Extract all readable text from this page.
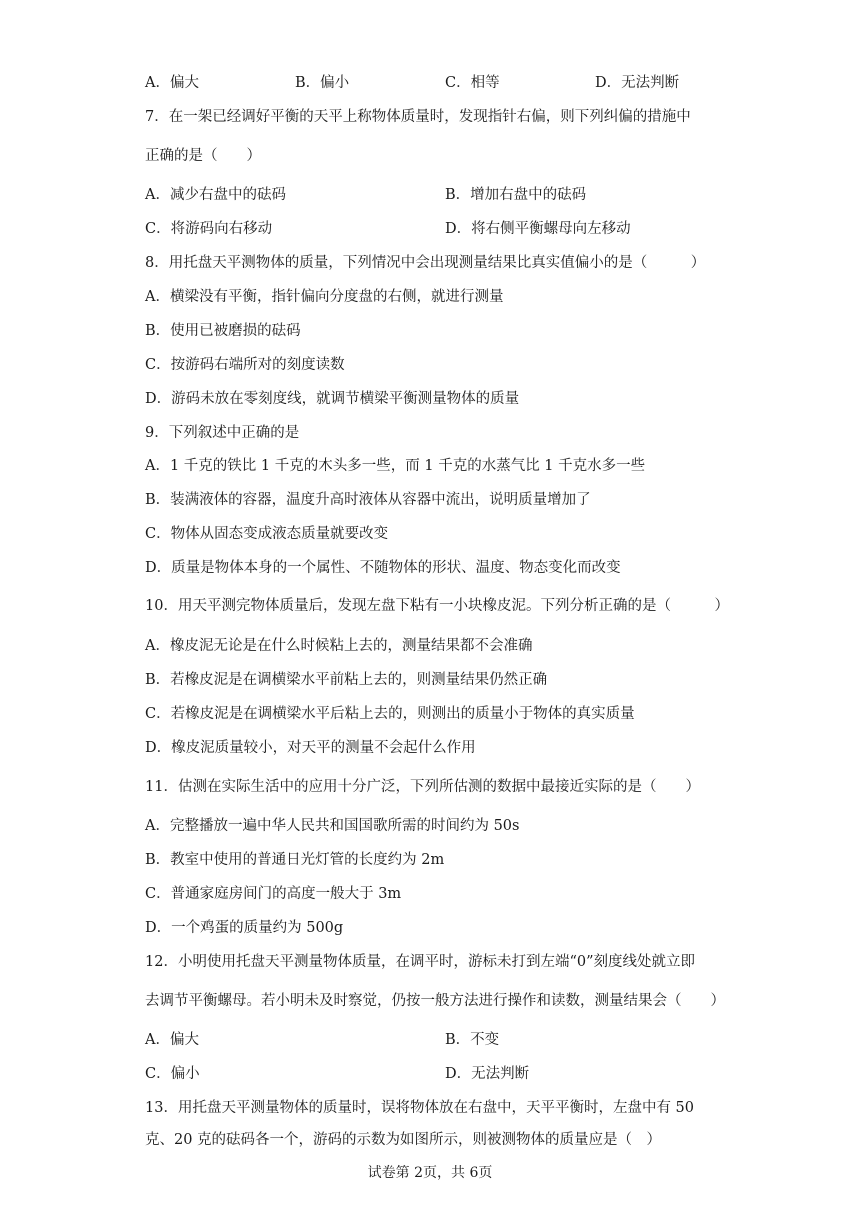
A．偏大	B．偏小	C．相等	D．无法判断
7．在一架已经调好平衡的天平上称物体质量时，发现指针右偏，则下列纠偏的措施中
正确的是（　　）
A．减少右盘中的砝码	B．增加右盘中的砝码
C．将游码向右移动	D．将右侧平衡螺母向左移动
8．用托盘天平测物体的质量，下列情况中会出现测量结果比真实值偏小的是（　　　）
A．横梁没有平衡，指针偏向分度盘的右侧，就进行测量
B．使用已被磨损的砝码
C．按游码右端所对的刻度读数
D．游码未放在零刻度线，就调节横梁平衡测量物体的质量
9．下列叙述中正确的是
A．1 千克的铁比 1 千克的木头多一些，而 1 千克的水蒸气比 1 千克水多一些
B．装满液体的容器，温度升高时液体从容器中流出，说明质量增加了
C．物体从固态变成液态质量就要改变
D．质量是物体本身的一个属性、不随物体的形状、温度、物态变化而改变
10．用天平测完物体质量后，发现左盘下粘有一小块橡皮泥。下列分析正确的是（　　　）
A．橡皮泥无论是在什么时候粘上去的，测量结果都不会准确
B．若橡皮泥是在调横梁水平前粘上去的，则测量结果仍然正确
C．若橡皮泥是在调横梁水平后粘上去的，则测出的质量小于物体的真实质量
D．橡皮泥质量较小，对天平的测量不会起什么作用
11．估测在实际生活中的应用十分广泛，下列所估测的数据中最接近实际的是（　　）
A．完整播放一遍中华人民共和国国歌所需的时间约为 50s
B．教室中使用的普通日光灯管的长度约为 2m
C．普通家庭房间门的高度一般大于 3m
D．一个鸡蛋的质量约为 500g
12．小明使用托盘天平测量物体质量，在调平时，游标未打到左端“0”刻度线处就立即
去调节平衡螺母。若小明未及时察觉，仍按一般方法进行操作和读数，测量结果会（　　）
A．偏大	B．不变
C．偏小	D．无法判断
13．用托盘天平测量物体的质量时，误将物体放在右盘中，天平平衡时，左盘中有 50
克、20 克的砝码各一个，游码的示数为如图所示，则被测物体的质量应是（　）
试卷第 2页，共 6页
